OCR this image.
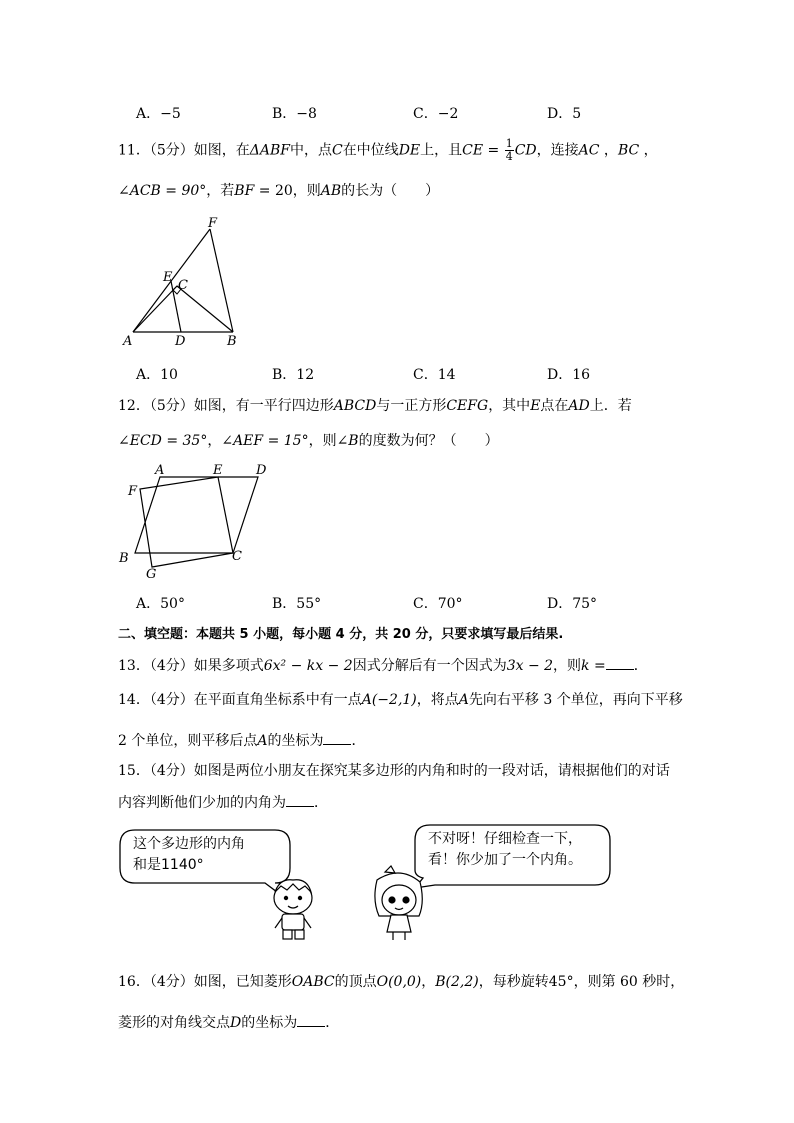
A．−5	B．−8	C．−2	D．5
11．（5分）如图，在ΔABF中，点C在中位线DE上，且CE = $\frac{1}{4}$ CD，连接AC ，BC ，
∠ACB = 90°，若BF = 20，则AB的长为（　　）
F
E
C
A	D	B
A．10	B．12	C．14	D．16
12．（5分）如图，有一平行四边形ABCD与一正方形CEFG，其中E点在AD上．若
∠ECD = 35°，∠AEF = 15°，则∠B的度数为何？（　　）
A	E	D
F
B	C
G
A．50°	B．55°	C．70°	D．75°
二、填空题：本题共 5 小题，每小题 4 分，共 20 分，只要求填写最后结果.
13．（4分）如果多项式6x² − kx − 2因式分解后有一个因式为3x − 2，则k = ．
14．（4分）在平面直角坐标系中有一点A(−2,1)，将点A先向右平移 3 个单位，再向下平移
2 个单位，则平移后点A的坐标为 ．
15．（4分）如图是两位小朋友在探究某多边形的内角和时的一段对话，请根据他们的对话
内容判断他们少加的内角为 ．
这个多边形的内角
和是1140°
不对呀！仔细检查一下，
看！你少加了一个内角。
16．（4分）如图，已知菱形OABC的顶点O(0,0)，B(2,2)，每秒旋转45°，则第 60 秒时，
菱形的对角线交点D的坐标为 ．
